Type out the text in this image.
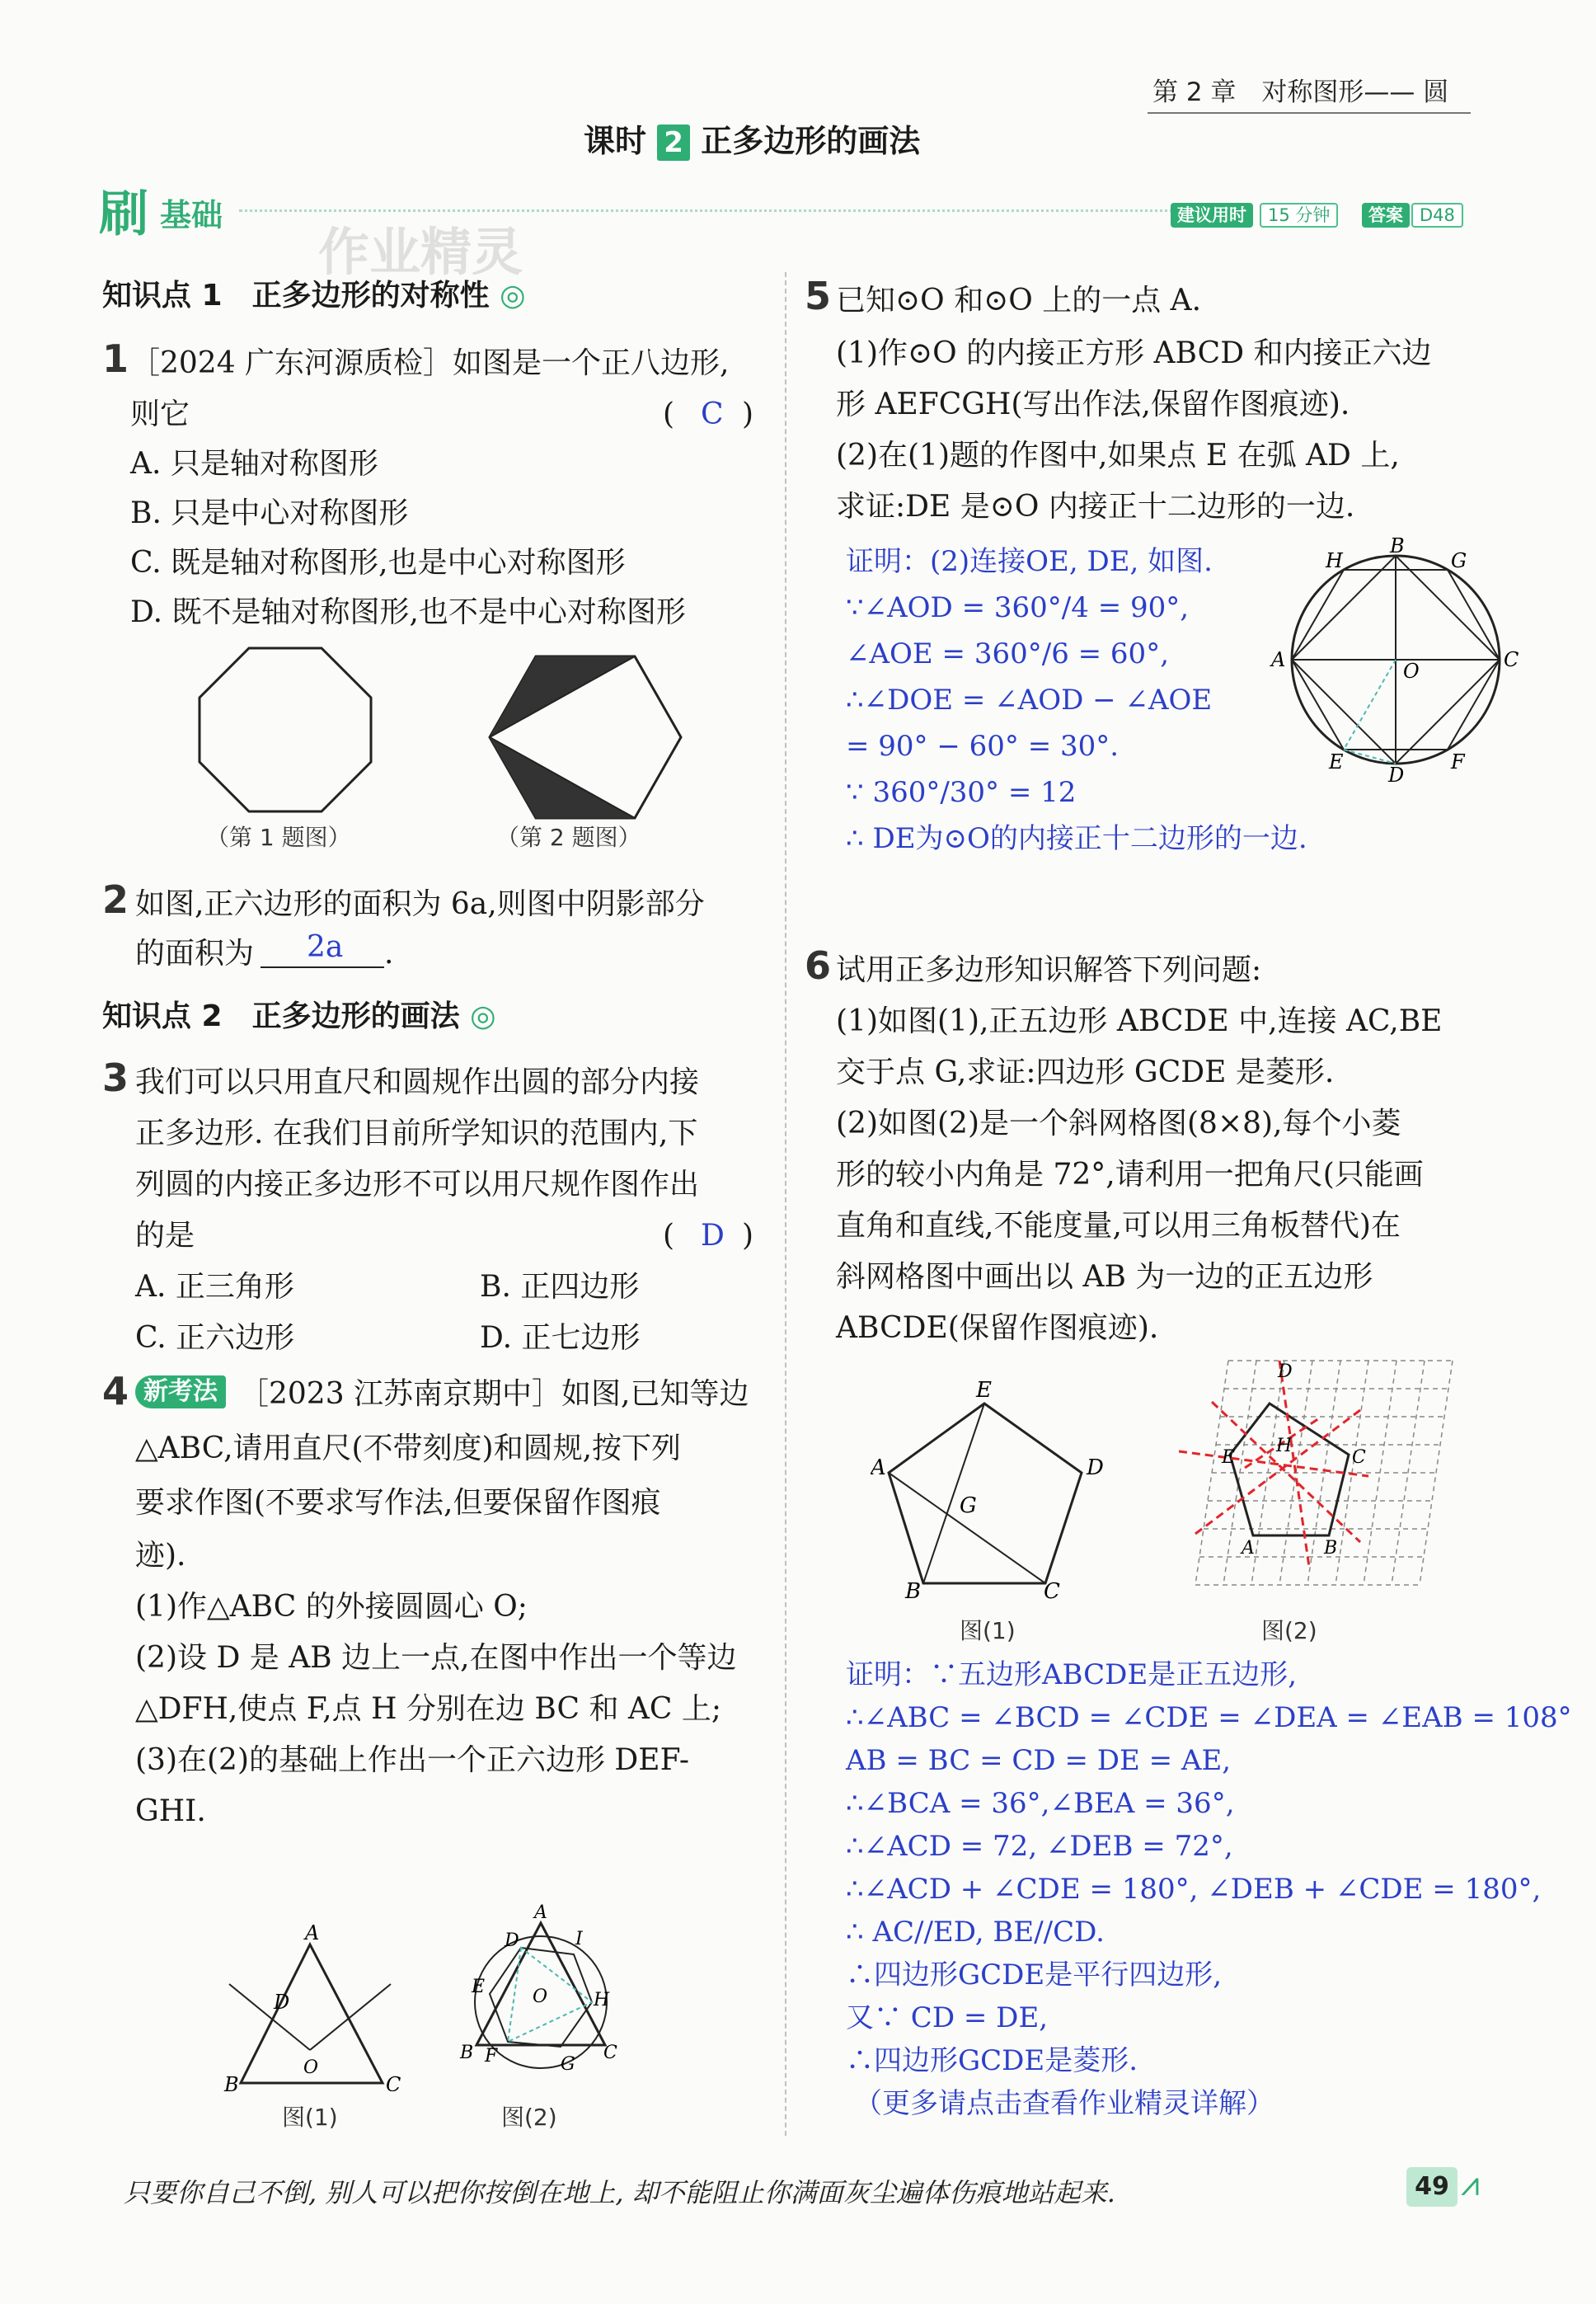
第 2 章　对称图形—— 圆
课时 2 正多边形的画法
刷 基础
作业精灵
建议用时	15 分钟	答案 D48
知识点 1　正多边形的对称性 ◎
1 ［2024 广东河源质检］如图是一个正八边形,
则它	( C )
A. 只是轴对称图形
B. 只是中心对称图形
C. 既是轴对称图形,也是中心对称图形
D. 既不是轴对称图形,也不是中心对称图形
（第 1 题图）	（第 2 题图）
2 如图,正六边形的面积为 6a,则图中阴影部分
的面积为 2a .
知识点 2　正多边形的画法 ◎
3 我们可以只用直尺和圆规作出圆的部分内接
正多边形. 在我们目前所学知识的范围内,下
列圆的内接正多边形不可以用尺规作图作出
的是	( D )
A. 正三角形	B. 正四边形
C. 正六边形	D. 正七边形
4 新考法 ［2023 江苏南京期中］如图,已知等边
△ABC,请用直尺(不带刻度)和圆规,按下列
要求作图(不要求写作法,但要保留作图痕
迹).
(1)作△ABC 的外接圆圆心 O;
(2)设 D 是 AB 边上一点,在图中作出一个等边
△DFH,使点 F,点 H 分别在边 BC 和 AC 上;
(3)在(2)的基础上作出一个正六边形 DEF-
GHI.
A
B	C
D
O
A
B	C
D
E
F	G
H
I
O
图(1)	图(2)
5 已知⊙O 和⊙O 上的一点 A.
(1)作⊙O 的内接正方形 ABCD 和内接正六边
形 AEFCGH(写出作法,保留作图痕迹).
(2)在(1)题的作图中,如果点 E 在弧 AD 上,
求证:DE 是⊙O 内接正十二边形的一边.
证明：(2)连接OE, DE, 如图.
∵∠AOD = 360°/4 = 90°,
∠AOE = 360°/6 = 60°,
∴∠DOE = ∠AOD − ∠AOE
= 90° − 60° = 30°.
∵ 360°/30° = 12
∴ DE为⊙O的内接正十二边形的一边.
H
B
G
A	C
O
E
D
F
6 试用正多边形知识解答下列问题:
(1)如图(1),正五边形 ABCDE 中,连接 AC,BE
交于点 G,求证:四边形 GCDE 是菱形.
(2)如图(2)是一个斜网格图(8×8),每个小菱
形的较小内角是 72°,请利用一把角尺(只能画
直角和直线,不能度量,可以用三角板替代)在
斜网格图中画出以 AB 为一边的正五边形
ABCDE(保留作图痕迹).
E
D
A
G
B	C
D
E	C
H
A	B
图(1)	图(2)
证明：∵五边形ABCDE是正五边形,
∴∠ABC = ∠BCD = ∠CDE = ∠DEA = ∠EAB = 108°
AB = BC = CD = DE = AE,
∴∠BCA = 36°,∠BEA = 36°,
∴∠ACD = 72, ∠DEB = 72°,
∴∠ACD + ∠CDE = 180°, ∠DEB + ∠CDE = 180°,
∴ AC//ED, BE//CD.
∴四边形GCDE是平行四边形,
又∵ CD = DE,
∴四边形GCDE是菱形.
（更多请点击查看作业精灵详解）
只要你自己不倒, 别人可以把你按倒在地上, 却不能阻止你满面灰尘遍体伤痕地站起来.	49 ⩘
